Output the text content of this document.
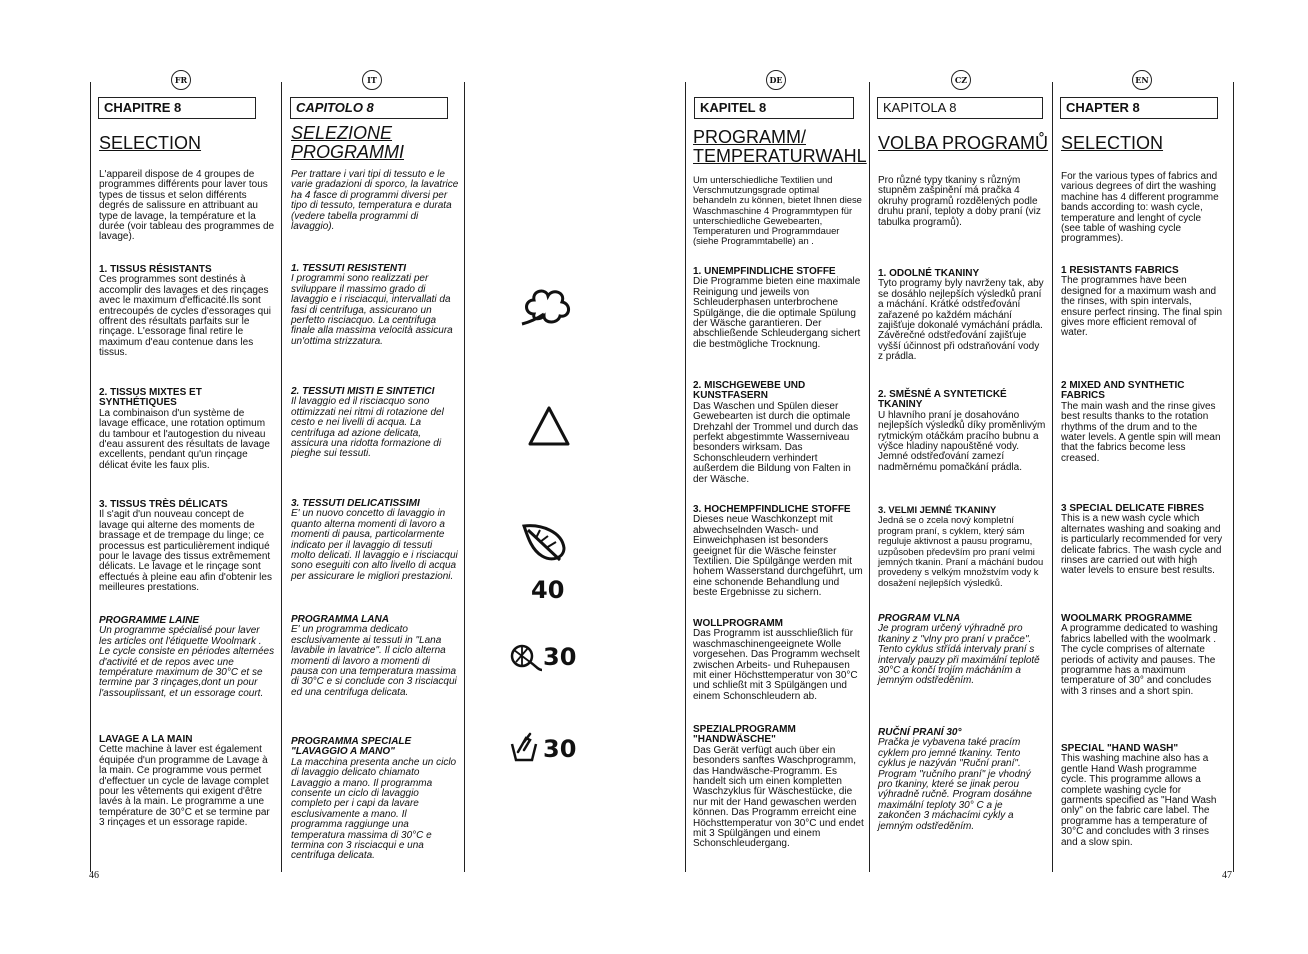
FR
CHAPITRE 8
SELECTION
L'appareil dispose de 4 groupes de programmes différents pour laver tous types de tissus et selon différents degrés de salissure en attribuant au type de lavage, la température et la durée (voir tableau des programmes de lavage).
1. TISSUS RÉSISTANTS
Ces programmes sont destinés à accomplir des lavages et des rinçages avec le maximum d'efficacité.Ils sont entrecoupés de cycles d'essorages qui offrent des résultats parfaits sur le rinçage. L'essorage final retire le maximum d'eau contenue dans les tissus.
2. TISSUS MIXTES ET SYNTHÉTIQUES
La combinaison d'un système de lavage efficace, une rotation optimum du tambour et l'autogestion du niveau d'eau assurent des résultats de lavage excellents, pendant qu'un rinçage délicat évite les faux plis.
3. TISSUS TRÈS DÉLICATS
Il s'agit d'un nouveau concept de lavage qui alterne des moments de brassage et de trempage du linge; ce processus est particulièrement indiqué pour le lavage des tissus extrêmement délicats. Le lavage et le rinçage sont effectués à pleine eau afin d'obtenir les meilleures prestations.
PROGRAMME LAINE
Un programme spécialisé pour laver les articles ont l'étiquette Woolmark . Le cycle consiste en périodes alternées d'activité et de repos avec une température maximum de 30°C et se termine par 3 rinçages,dont un pour l'assouplissant, et un essorage court.
LAVAGE A LA MAIN
Cette machine à laver est également équipée d'un programme de Lavage à la main. Ce programme vous permet d'effectuer un cycle de lavage complet pour les vêtements qui exigent d'être lavés à la main. Le programme a une température de 30°C et se termine par 3 rinçages et un essorage rapide.
IT
CAPITOLO 8
SELEZIONE PROGRAMMI
Per trattare i vari tipi di tessuto e le varie gradazioni di sporco, la lavatrice ha 4 fasce di programmi diversi per tipo di tessuto, temperatura e durata (vedere tabella programmi di lavaggio).
1. TESSUTI RESISTENTI
I programmi sono realizzati per sviluppare il massimo grado di lavaggio e i risciacqui, intervallati da fasi di centrifuga, assicurano un perfetto risciacquo. La centrifuga finale alla massima velocità assicura un'ottima strizzatura.
2. TESSUTI MISTI E SINTETICI
Il lavaggio ed il risciacquo sono ottimizzati nei ritmi di rotazione del cesto e nei livelli di acqua. La centrifuga ad azione delicata, assicura una ridotta formazione di pieghe sui tessuti.
3. TESSUTI DELICATISSIMI
E' un nuovo concetto di lavaggio in quanto alterna momenti di lavoro a momenti di pausa, particolarmente indicato per il lavaggio di tessuti molto delicati. Il lavaggio e i risciacqui sono eseguiti con alto livello di acqua per assicurare le migliori prestazioni.
PROGRAMMA LANA
E' un programma dedicato esclusivamente ai tessuti in "Lana lavabile in lavatrice". Il ciclo alterna momenti di lavoro a momenti di pausa con una temperatura massima di 30°C e si conclude con 3 risciacqui ed una centrifuga delicata.
PROGRAMMA SPECIALE "LAVAGGIO A MANO"
La macchina presenta anche un ciclo di lavaggio delicato chiamato Lavaggio a mano. Il programma consente un ciclo di lavaggio completo per i capi da lavare esclusivamente a mano. Il programma raggiunge una temperatura massima di 30°C e termina con 3 risciacqui e una centrifuga delicata.
40
30
30
DE
KAPITEL 8
PROGRAMM/ TEMPERATURWAHL
Um unterschiedliche Textilien und Verschmutzungsgrade optimal behandeln zu können, bietet Ihnen diese Waschmaschine 4 Programmtypen für unterschiedliche Gewebearten, Temperaturen und Programmdauer (siehe Programmtabelle) an .
1. UNEMPFINDLICHE STOFFE
Die Programme bieten eine maximale Reinigung und jeweils von Schleuderphasen unterbrochene Spülgänge, die die optimale Spülung der Wäsche garantieren. Der abschließende Schleudergang sichert die bestmögliche Trocknung.
2. MISCHGEWEBE UND KUNSTFASERN
Das Waschen und Spülen dieser Gewebearten ist durch die optimale Drehzahl der Trommel und durch das perfekt abgestimmte Wasserniveau besonders wirksam. Das Schonschleudern verhindert außerdem die Bildung von Falten in der Wäsche.
3. HOCHEMPFINDLICHE STOFFE
Dieses neue Waschkonzept mit abwechselnden Wasch- und Einweichphasen ist besonders geeignet für die Wäsche feinster Textilien. Die Spülgänge werden mit hohem Wasserstand durchgeführt, um eine schonende Behandlung und beste Ergebnisse zu sichern.
WOLLPROGRAMM
Das Programm ist ausschließlich für waschmaschinengeeignete Wolle vorgesehen. Das Programm wechselt zwischen Arbeits- und Ruhepausen mit einer Höchsttemperatur von 30°C und schließt mit 3 Spülgängen und einem Schonschleudern ab.
SPEZIALPROGRAMM "HANDWÄSCHE"
Das Gerät verfügt auch über ein besonders sanftes Waschprogramm, das Handwäsche-Programm. Es handelt sich um einen kompletten Waschzyklus für Wäschestücke, die nur mit der Hand gewaschen werden können. Das Programm erreicht eine Höchsttemperatur von 30°C und endet mit 3 Spülgängen und einem Schonschleudergang.
CZ
KAPITOLA 8
VOLBA PROGRAMŮ
Pro různé typy tkaniny s různým stupněm zašpinění má pračka 4 okruhy programů rozdělených podle druhu praní, teploty a doby praní (viz tabulka programů).
1. ODOLNÉ TKANINY
Tyto programy byly navrženy tak, aby se dosáhlo nejlepších výsledků praní a máchání. Krátké odstřeďování zařazené po každém máchání zajišťuje dokonalé vymáchání prádla. Závěrečné odstřeďování zajišťuje vyšší účinnost při odstraňování vody z prádla.
2. SMĚSNÉ A SYNTETICKÉ TKANINY
U hlavního praní je dosahováno nejlepších výsledků díky proměnlivým rytmickým otáčkám pracího bubnu a výšce hladiny napouštěné vody. Jemné odstřeďování zamezí nadměrnému pomačkání prádla.
3. VELMI JEMNÉ TKANINY
Jedná se o zcela nový kompletní program praní, s cyklem, který sám reguluje aktivnost a pausu programu, uzpůsoben především pro praní velmi jemných tkanin. Praní a máchání budou provedeny s velkým množstvím vody k dosažení nejlepších výsledků.
PROGRAM VLNA
Je program určený výhradně pro tkaniny z "vlny pro praní v pračce". Tento cyklus střídá intervaly praní s intervaly pauzy při maximální teplotě 30°C a končí trojím mácháním a jemným odstředěním.
RUČNÍ PRANÍ 30°
Pračka je vybavena také pracím cyklem pro jemné tkaniny. Tento cyklus je nazýván "Ruční praní". Program "ručního praní" je vhodný pro tkaniny, které se jinak perou výhradně ručně. Program dosáhne maximální teploty 30° C a je zakončen 3 máchacími cykly a jemným odstředěním.
EN
CHAPTER 8
SELECTION
For the various types of fabrics and various degrees of dirt the washing machine has 4 different programme bands according to: wash cycle, temperature and lenght of cycle (see table of washing cycle programmes).
1 RESISTANTS FABRICS
The programmes have been designed for a maximum wash and the rinses, with spin intervals, ensure perfect rinsing. The final spin gives more efficient removal of water.
2 MIXED AND SYNTHETIC FABRICS
The main wash and the rinse gives best results thanks to the rotation rhythms of the drum and to the water levels. A gentle spin will mean that the fabrics become less creased.
3 SPECIAL DELICATE FIBRES
This is a new wash cycle which alternates washing and soaking and is particularly recommended for very delicate fabrics. The wash cycle and rinses are carried out with high water levels to ensure best results.
WOOLMARK PROGRAMME
A programme dedicated to washing fabrics labelled with the woolmark . The cycle comprises of alternate periods of activity and pauses. The programme has a maximum temperature of 30° and concludes with 3 rinses and a short spin.
SPECIAL "HAND WASH"
This washing machine also has a gentle Hand Wash programme cycle. This programme allows a complete washing cycle for garments specified as "Hand Wash only" on the fabric care label. The programme has a temperature of 30°C and concludes with 3 rinses and a slow spin.
46	47
